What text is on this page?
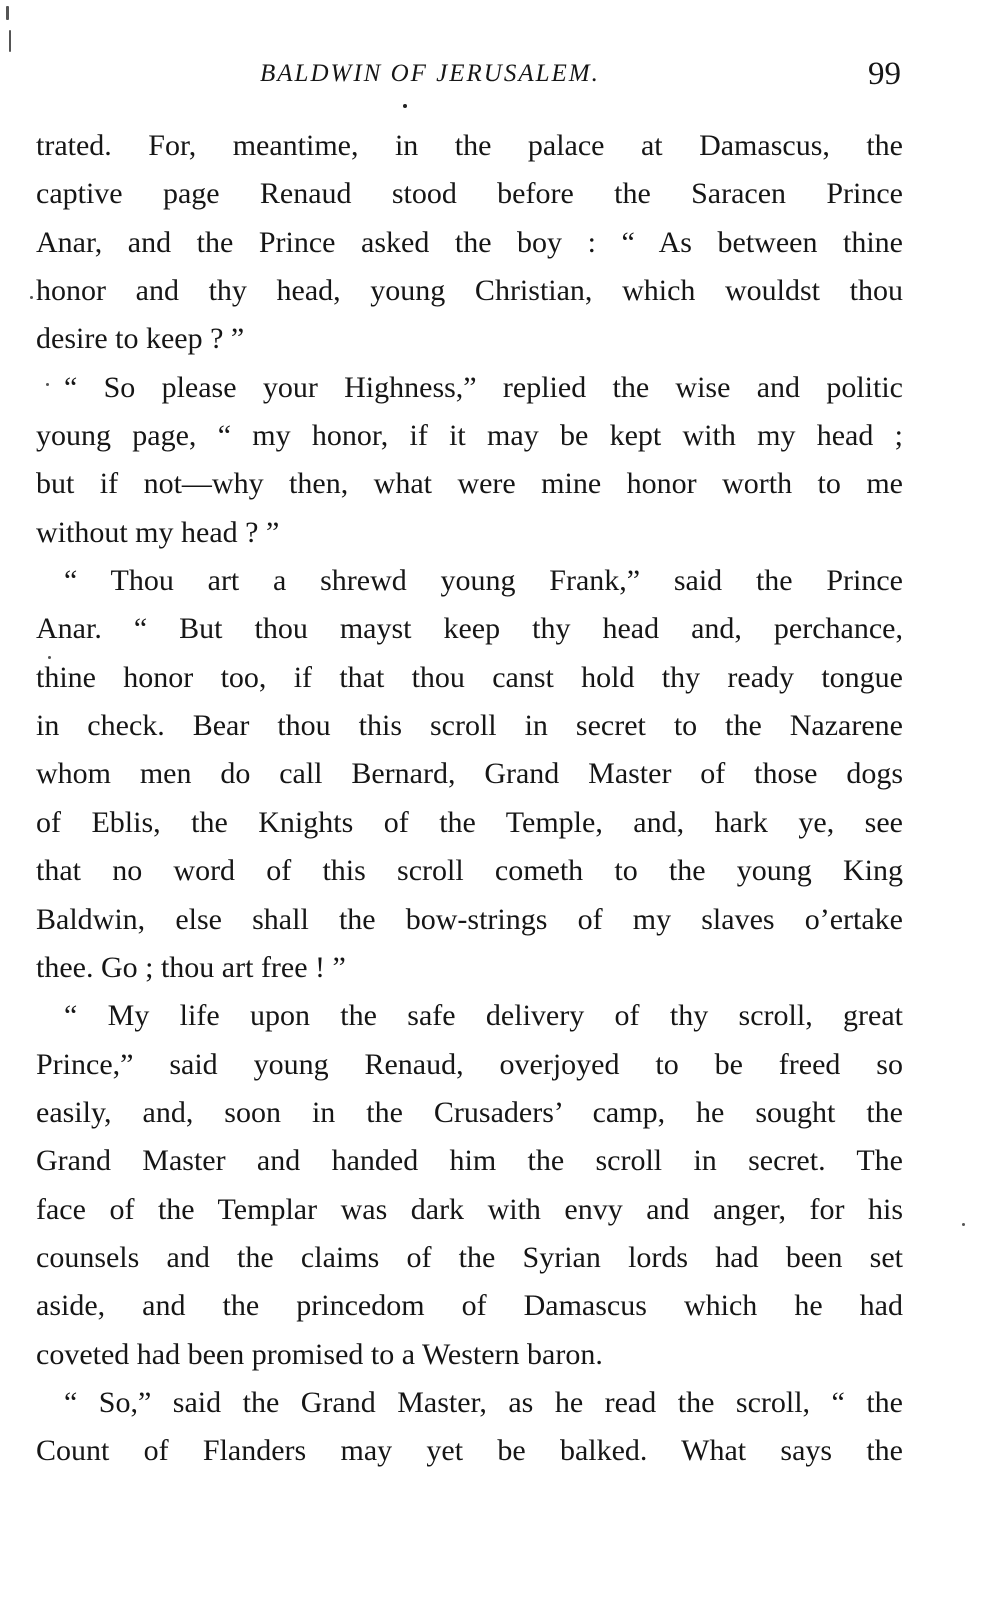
BALDWIN OF JERUSALEM.	99
trated. For, meantime, in the palace at Damascus, the
captive page Renaud stood before the Saracen Prince
Anar, and the Prince asked the boy : “ As between thine
honor and thy head, young Christian, which wouldst thou
desire to keep ? ”
“ So please your Highness,” replied the wise and politic
young page, “ my honor, if it may be kept with my head ;
but if not—why then, what were mine honor worth to me
without my head ? ”
“ Thou art a shrewd young Frank,” said the Prince
Anar. “ But thou mayst keep thy head and, perchance,
thine honor too, if that thou canst hold thy ready tongue
in check. Bear thou this scroll in secret to the Nazarene
whom men do call Bernard, Grand Master of those dogs
of Eblis, the Knights of the Temple, and, hark ye, see
that no word of this scroll cometh to the young King
Baldwin, else shall the bow-strings of my slaves o’ertake
thee. Go ; thou art free ! ”
“ My life upon the safe delivery of thy scroll, great
Prince,” said young Renaud, overjoyed to be freed so
easily, and, soon in the Crusaders’ camp, he sought the
Grand Master and handed him the scroll in secret. The
face of the Templar was dark with envy and anger, for his
counsels and the claims of the Syrian lords had been set
aside, and the princedom of Damascus which he had
coveted had been promised to a Western baron.
“ So,” said the Grand Master, as he read the scroll, “ the
Count of Flanders may yet be balked. What says the
